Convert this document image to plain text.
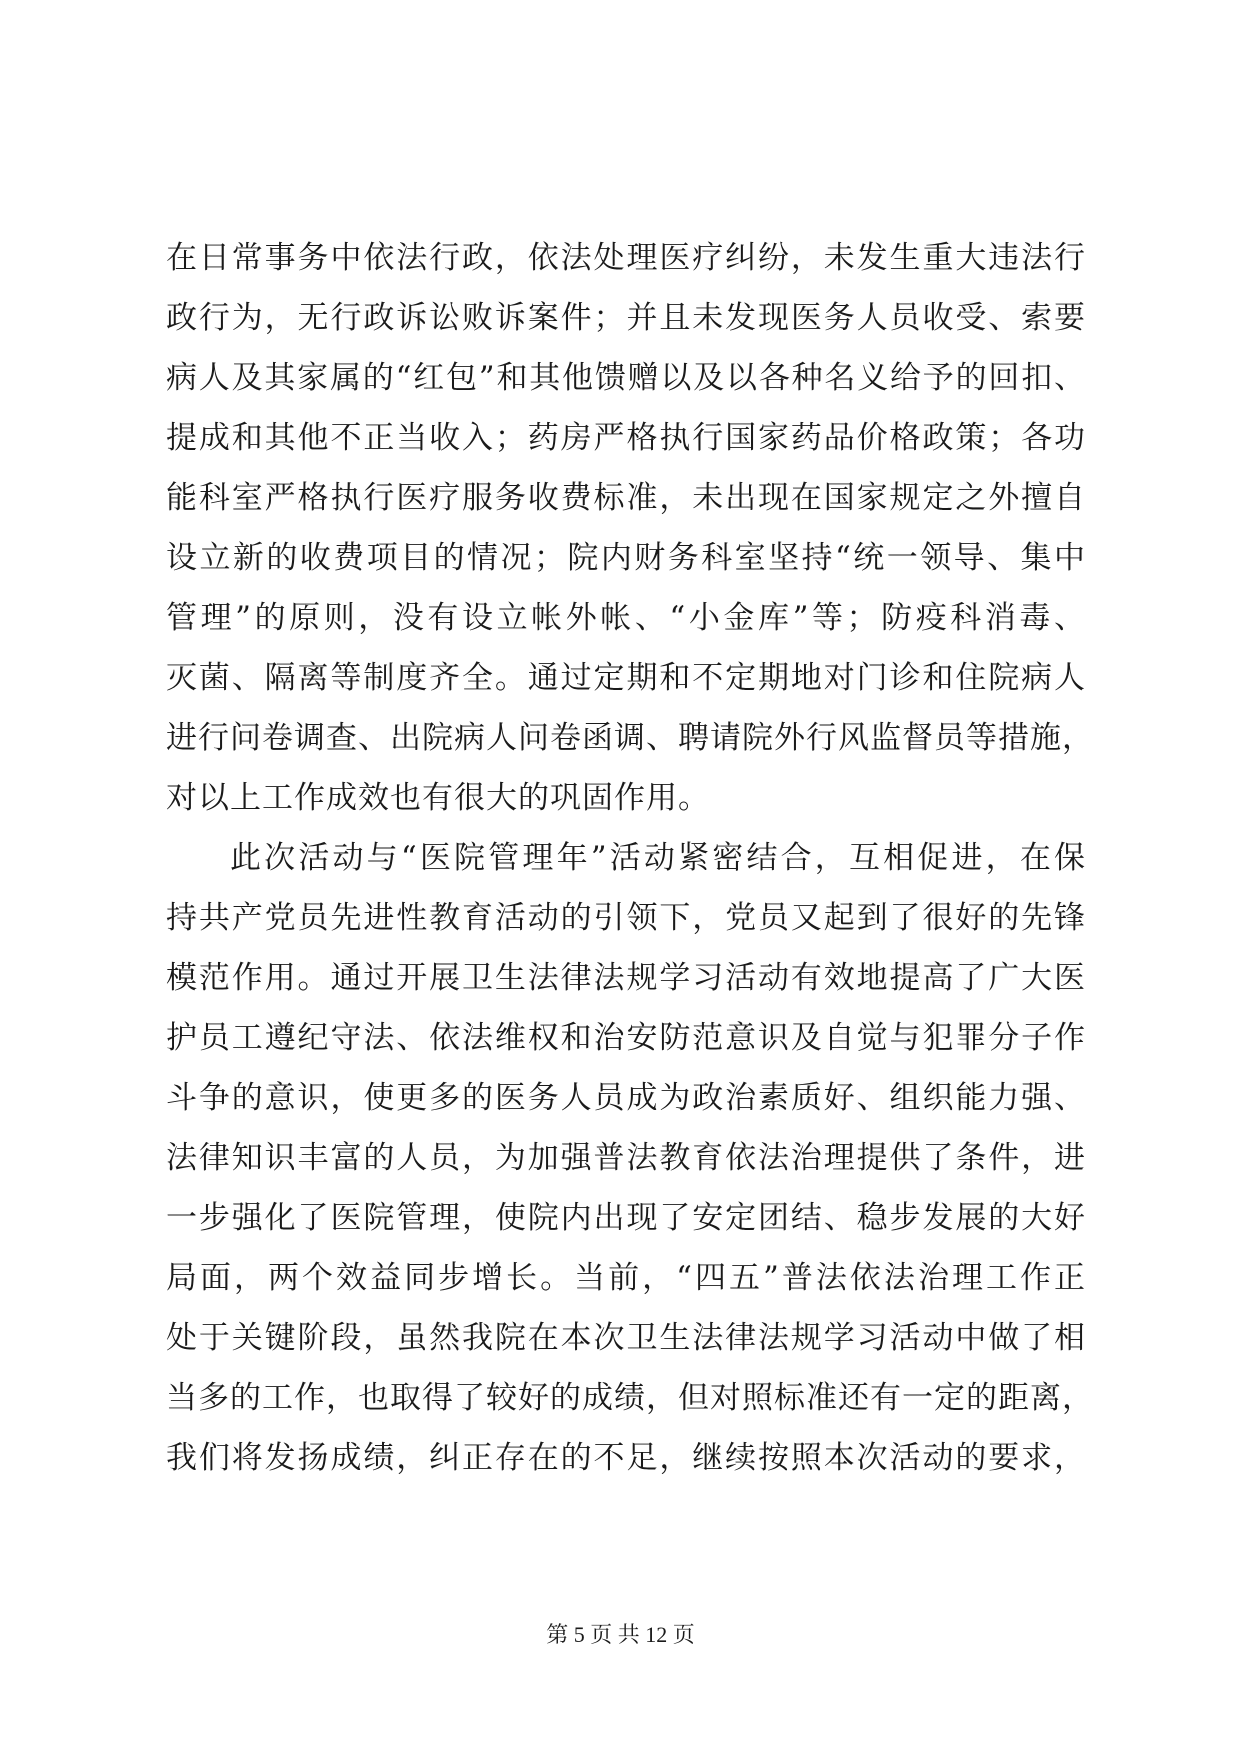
在日常事务中依法行政，依法处理医疗纠纷，未发生重大违法行
政行为，无行政诉讼败诉案件；并且未发现医务人员收受、索要
病人及其家属的“红包”和其他馈赠以及以各种名义给予的回扣、
提成和其他不正当收入；药房严格执行国家药品价格政策；各功
能科室严格执行医疗服务收费标准，未出现在国家规定之外擅自
设立新的收费项目的情况；院内财务科室坚持“统一领导、集中
管理”的原则，没有设立帐外帐、“小金库”等；防疫科消毒、
灭菌、隔离等制度齐全。通过定期和不定期地对门诊和住院病人
进行问卷调查、出院病人问卷函调、聘请院外行风监督员等措施，
对以上工作成效也有很大的巩固作用。
此次活动与“医院管理年”活动紧密结合，互相促进，在保
持共产党员先进性教育活动的引领下，党员又起到了很好的先锋
模范作用。通过开展卫生法律法规学习活动有效地提高了广大医
护员工遵纪守法、依法维权和治安防范意识及自觉与犯罪分子作
斗争的意识，使更多的医务人员成为政治素质好、组织能力强、
法律知识丰富的人员，为加强普法教育依法治理提供了条件，进
一步强化了医院管理，使院内出现了安定团结、稳步发展的大好
局面，两个效益同步增长。当前，“四五”普法依法治理工作正
处于关键阶段，虽然我院在本次卫生法律法规学习活动中做了相
当多的工作，也取得了较好的成绩，但对照标准还有一定的距离，
我们将发扬成绩，纠正存在的不足，继续按照本次活动的要求，
第 5 页 共 12 页
